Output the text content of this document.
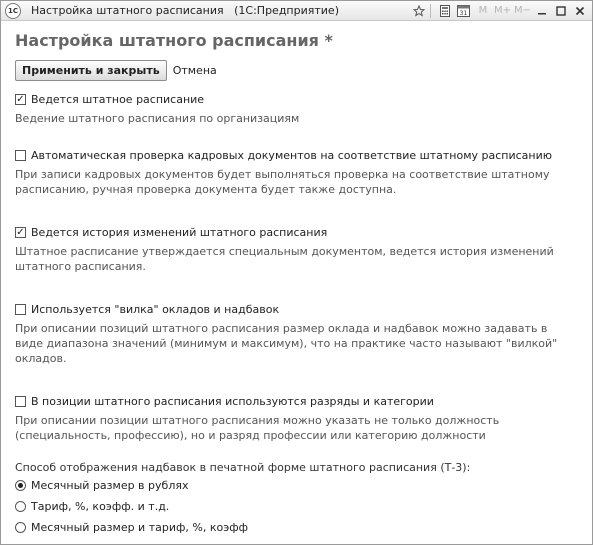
1С Настройка штатного расписания (1С:Предприятие)	31	M M+ M−
Настройка штатного расписания *
Применить и закрыть	Отмена
✓ Ведется штатное расписание
Ведение штатного расписания по организациям
Автоматическая проверка кадровых документов на соответствие штатному расписанию
При записи кадровых документов будет выполняться проверка на соответствие штатному расписанию, ручная проверка документа будет также доступна.
✓ Ведется история изменений штатного расписания
Штатное расписание утверждается специальным документом, ведется история изменений штатного расписания.
Используется "вилка" окладов и надбавок
При описании позиций штатного расписания размер оклада и надбавок можно задавать в виде диапазона значений (минимум и максимум), что на практике часто называют "вилкой" окладов.
В позиции штатного расписания используются разряды и категории
При описании позиции штатного расписания можно указать не только должность (специальность, профессию), но и разряд профессии или категорию должности
Способ отображения надбавок в печатной форме штатного расписания (Т-3):
Месячный размер в рублях
Тариф, %, коэфф. и т.д.
Месячный размер и тариф, %, коэфф
